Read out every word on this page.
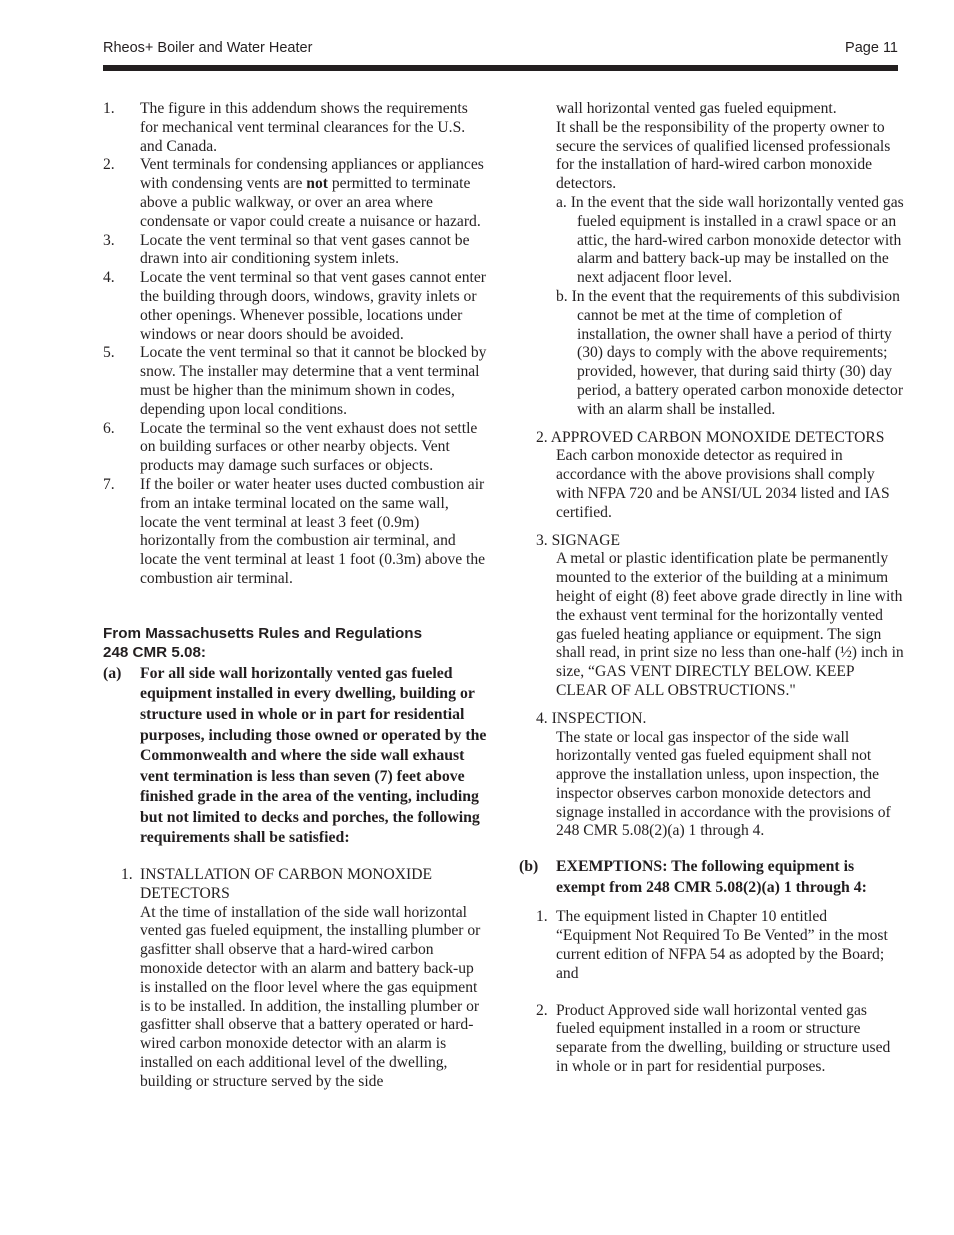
Rheos+ Boiler and Water Heater	Page 11
1.	The figure in this addendum shows the requirements for mechanical vent terminal clearances for the U.S. and Canada.
2.	Vent terminals for condensing appliances or appliances with condensing vents are not permitted to terminate above a public walkway, or over an area where condensate or vapor could create a nuisance or hazard.
3.	Locate the vent terminal so that vent gases cannot be drawn into air conditioning system inlets.
4.	Locate the vent terminal so that vent gases cannot enter the building through doors, windows, gravity inlets or other openings. Whenever possible, locations under windows or near doors should be avoided.
5.	Locate the vent terminal so that it cannot be blocked by snow. The installer may determine that a vent terminal must be higher than the minimum shown in codes, depending upon local conditions.
6.	Locate the terminal so the vent exhaust does not settle on building surfaces or other nearby objects. Vent products may damage such surfaces or objects.
7.	If the boiler or water heater uses ducted combustion air from an intake terminal located on the same wall, locate the vent terminal at least 3 feet (0.9m) horizontally from the combustion air terminal, and locate the vent terminal at least 1 foot (0.3m) above the combustion air terminal.
From Massachusetts Rules and Regulations
248 CMR 5.08:
(a)	For all side wall horizontally vented gas fueled equipment installed in every dwelling, building or structure used in whole or in part for residential purposes, including those owned or operated by the Commonwealth and where the side wall exhaust vent termination is less than seven (7) feet above finished grade in the area of the venting, including but not limited to decks and porches, the following requirements shall be satisfied:
1. INSTALLATION OF CARBON MONOXIDE DETECTORS
At the time of installation of the side wall horizontal vented gas fueled equipment, the installing plumber or gasfitter shall observe that a hard-wired carbon monoxide detector with an alarm and battery back-up is installed on the floor level where the gas equipment is to be installed. In addition, the installing plumber or gasfitter shall observe that a battery operated or hard-wired carbon monoxide detector with an alarm is installed on each additional level of the dwelling, building or structure served by the side
wall horizontal vented gas fueled equipment.
It shall be the responsibility of the property owner to secure the services of qualified licensed professionals for the installation of hard-wired carbon monoxide detectors.

a. In the event that the side wall horizontally vented gas fueled equipment is installed in a crawl space or an attic, the hard-wired carbon monoxide detector with alarm and battery back-up may be installed on the next adjacent floor level.

b. In the event that the requirements of this subdivision cannot be met at the time of completion of installation, the owner shall have a period of thirty (30) days to comply with the above requirements; provided, however, that during said thirty (30) day period, a battery operated carbon monoxide detector with an alarm shall be installed.

2. APPROVED CARBON MONOXIDE DETECTORS

Each carbon monoxide detector as required in accordance with the above provisions shall comply with NFPA 720 and be ANSI/UL 2034 listed and IAS certified.

3. SIGNAGE

A metal or plastic identification plate be permanently mounted to the exterior of the building at a minimum height of eight (8) feet above grade directly in line with the exhaust vent terminal for the horizontally vented gas fueled heating appliance or equipment. The sign shall read, in print size no less than one-half (½) inch in size, “GAS VENT DIRECTLY BELOW. KEEP CLEAR OF ALL OBSTRUCTIONS."

4. INSPECTION.

The state or local gas inspector of the side wall horizontally vented gas fueled equipment shall not approve the installation unless, upon inspection, the inspector observes carbon monoxide detectors and signage installed in accordance with the provisions of 248 CMR 5.08(2)(a) 1 through 4.

(b)	EXEMPTIONS: The following equipment is exempt from 248 CMR 5.08(2)(a) 1 through 4:
1. The equipment listed in Chapter 10 entitled “Equipment Not Required To Be Vented” in the most current edition of NFPA 54 as adopted by the Board; and
2. Product Approved side wall horizontal vented gas fueled equipment installed in a room or structure separate from the dwelling, building or structure used in whole or in part for residential purposes.
